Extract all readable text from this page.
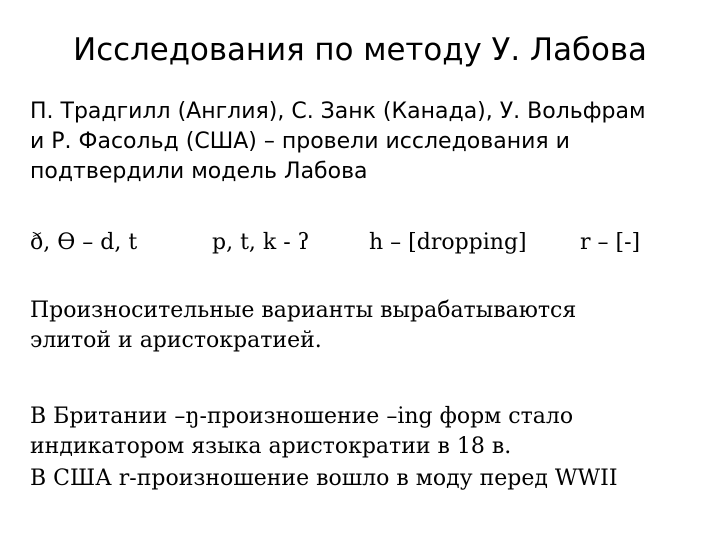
Исследования по методу У. Лабова
П. Традгилл (Англия), С. Занк (Канада), У. Вольфрам
и Р. Фасольд (США) – провели исследования и
подтвердили модель Лабова
ð, Ө – d, t	p, t, k - ʔ	h – [dropping] r – [-]
Произносительные варианты вырабатываются
элитой и аристократией.
В Британии –ŋ-произношение –ing форм стало
индикатором языка аристократии в 18 в.
В США r-произношение вошло в моду перед WWII
